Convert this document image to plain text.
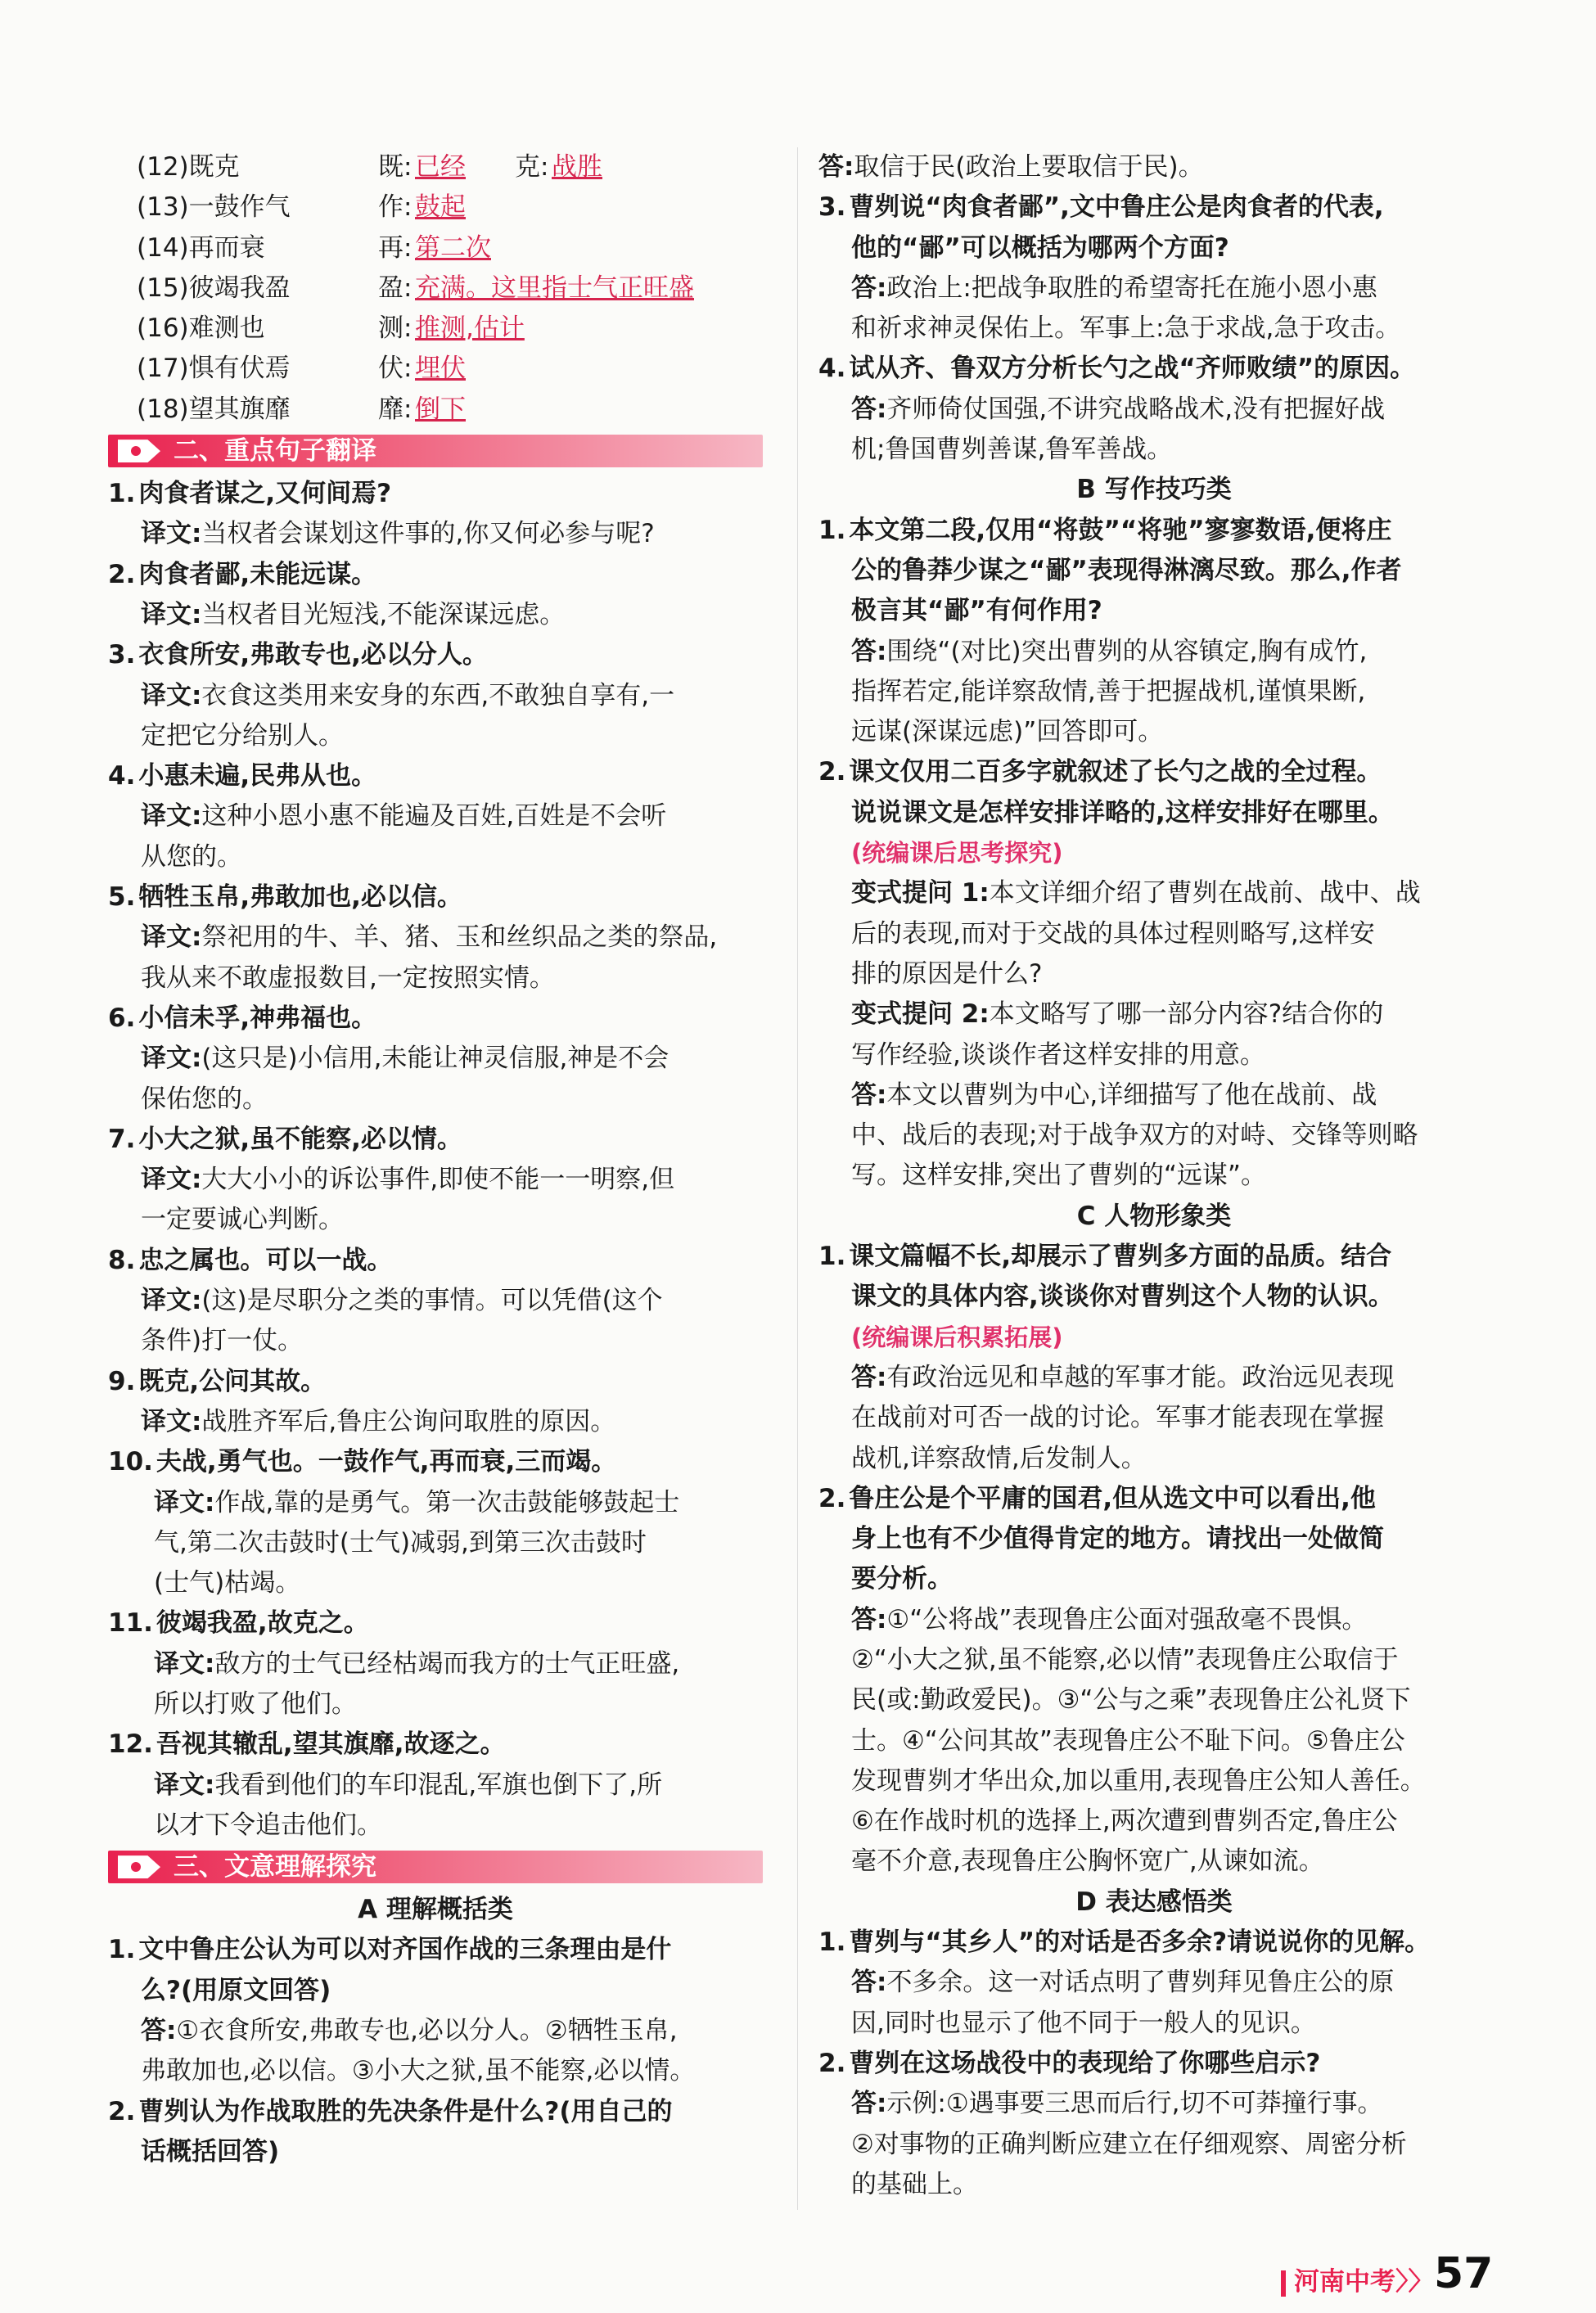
(12)既克	既: 已经 克: 战胜
(13)一鼓作气	作: 鼓起
(14)再而衰	再: 第二次
(15)彼竭我盈	盈: 充满。这里指士气正旺盛
(16)难测也	测: 推测,估计
(17)惧有伏焉	伏: 埋伏
(18)望其旗靡	靡: 倒下
二、重点句子翻译
1. 肉食者谋之,又何间焉?
译文:当权者会谋划这件事的,你又何必参与呢?
2. 肉食者鄙,未能远谋。
译文:当权者目光短浅,不能深谋远虑。
3. 衣食所安,弗敢专也,必以分人。
译文:衣食这类用来安身的东西,不敢独自享有,一
定把它分给别人。
4. 小惠未遍,民弗从也。
译文:这种小恩小惠不能遍及百姓,百姓是不会听
从您的。
5. 牺牲玉帛,弗敢加也,必以信。
译文:祭祀用的牛、羊、猪、玉和丝织品之类的祭品,
我从来不敢虚报数目,一定按照实情。
6. 小信未孚,神弗福也。
译文:(这只是)小信用,未能让神灵信服,神是不会
保佑您的。
7. 小大之狱,虽不能察,必以情。
译文:大大小小的诉讼事件,即使不能一一明察,但
一定要诚心判断。
8. 忠之属也。可以一战。
译文:(这)是尽职分之类的事情。可以凭借(这个
条件)打一仗。
9. 既克,公问其故。
译文:战胜齐军后,鲁庄公询问取胜的原因。
10. 夫战,勇气也。一鼓作气,再而衰,三而竭。
译文:作战,靠的是勇气。第一次击鼓能够鼓起士
气,第二次击鼓时(士气)减弱,到第三次击鼓时
(士气)枯竭。
11. 彼竭我盈,故克之。
译文:敌方的士气已经枯竭而我方的士气正旺盛,
所以打败了他们。
12. 吾视其辙乱,望其旗靡,故逐之。
译文:我看到他们的车印混乱,军旗也倒下了,所
以才下令追击他们。
三、文意理解探究
A 理解概括类
1. 文中鲁庄公认为可以对齐国作战的三条理由是什
么?(用原文回答)
答:①衣食所安,弗敢专也,必以分人。②牺牲玉帛,
弗敢加也,必以信。③小大之狱,虽不能察,必以情。
2. 曹刿认为作战取胜的先决条件是什么?(用自己的
话概括回答)
答:取信于民(政治上要取信于民)。
3. 曹刿说“肉食者鄙”,文中鲁庄公是肉食者的代表,
他的“鄙”可以概括为哪两个方面?
答:政治上:把战争取胜的希望寄托在施小恩小惠
和祈求神灵保佑上。军事上:急于求战,急于攻击。
4. 试从齐、鲁双方分析长勺之战“齐师败绩”的原因。
答:齐师倚仗国强,不讲究战略战术,没有把握好战
机;鲁国曹刿善谋,鲁军善战。
B 写作技巧类
1. 本文第二段,仅用“将鼓”“将驰”寥寥数语,便将庄
公的鲁莽少谋之“鄙”表现得淋漓尽致。那么,作者
极言其“鄙”有何作用?
答:围绕“(对比)突出曹刿的从容镇定,胸有成竹,
指挥若定,能详察敌情,善于把握战机,谨慎果断,
远谋(深谋远虑)”回答即可。
2. 课文仅用二百多字就叙述了长勺之战的全过程。
说说课文是怎样安排详略的,这样安排好在哪里。
(统编课后思考探究)
变式提问 1:本文详细介绍了曹刿在战前、战中、战
后的表现,而对于交战的具体过程则略写,这样安
排的原因是什么?
变式提问 2:本文略写了哪一部分内容?结合你的
写作经验,谈谈作者这样安排的用意。
答:本文以曹刿为中心,详细描写了他在战前、战
中、战后的表现;对于战争双方的对峙、交锋等则略
写。这样安排,突出了曹刿的“远谋”。
C 人物形象类
1. 课文篇幅不长,却展示了曹刿多方面的品质。结合
课文的具体内容,谈谈你对曹刿这个人物的认识。
(统编课后积累拓展)
答:有政治远见和卓越的军事才能。政治远见表现
在战前对可否一战的讨论。军事才能表现在掌握
战机,详察敌情,后发制人。
2. 鲁庄公是个平庸的国君,但从选文中可以看出,他
身上也有不少值得肯定的地方。请找出一处做简
要分析。
答:①“公将战”表现鲁庄公面对强敌毫不畏惧。
②“小大之狱,虽不能察,必以情”表现鲁庄公取信于
民(或:勤政爱民)。③“公与之乘”表现鲁庄公礼贤下
士。④“公问其故”表现鲁庄公不耻下问。⑤鲁庄公
发现曹刿才华出众,加以重用,表现鲁庄公知人善任。
⑥在作战时机的选择上,两次遭到曹刿否定,鲁庄公
毫不介意,表现鲁庄公胸怀宽广,从谏如流。
D 表达感悟类
1. 曹刿与“其乡人”的对话是否多余?请说说你的见解。
答:不多余。这一对话点明了曹刿拜见鲁庄公的原
因,同时也显示了他不同于一般人的见识。
2. 曹刿在这场战役中的表现给了你哪些启示?
答:示例:①遇事要三思而后行,切不可莽撞行事。
②对事物的正确判断应建立在仔细观察、周密分析
的基础上。
河南中考〉〉 57
